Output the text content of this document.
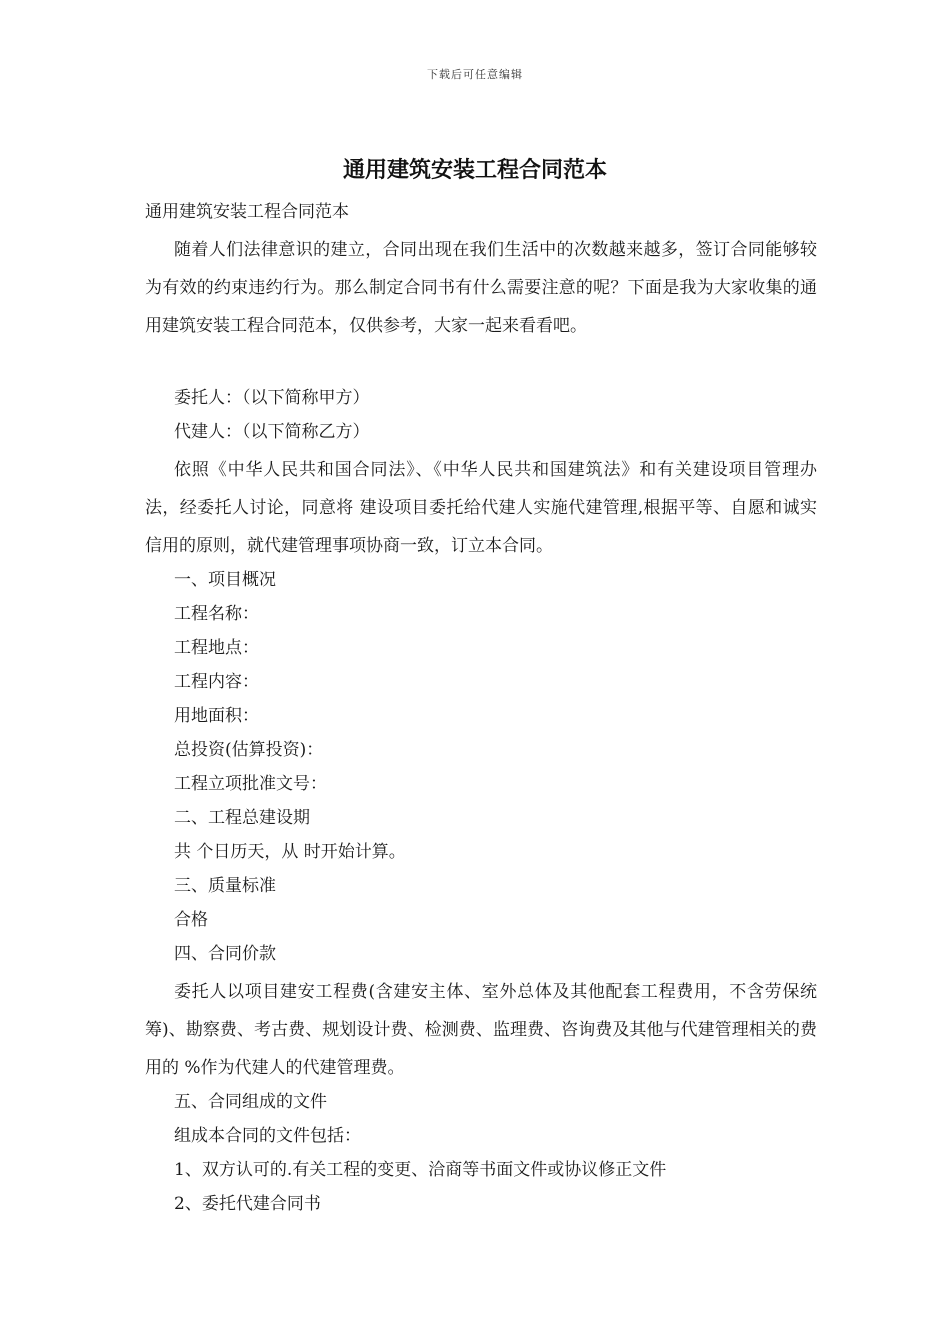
下载后可任意编辑
通用建筑安装工程合同范本
通用建筑安装工程合同范本
随着人们法律意识的建立，合同出现在我们生活中的次数越来越多，签订合同能够较为有效的约束违约行为。那么制定合同书有什么需要注意的呢？下面是我为大家收集的通用建筑安装工程合同范本，仅供参考，大家一起来看看吧。
委托人：（以下简称甲方）
代建人：（以下简称乙方）
依照《中华人民共和国合同法》、《中华人民共和国建筑法》和有关建设项目管理办法，经委托人讨论，同意将 建设项目委托给代建人实施代建管理,根据平等、自愿和诚实信用的原则，就代建管理事项协商一致，订立本合同。
一、项目概况
工程名称：
工程地点：
工程内容：
用地面积：
总投资(估算投资)：
工程立项批准文号：
二、工程总建设期
共 个日历天，从 时开始计算。
三、质量标准
合格
四、合同价款
委托人以项目建安工程费(含建安主体、室外总体及其他配套工程费用，不含劳保统筹)、勘察费、考古费、规划设计费、检测费、监理费、咨询费及其他与代建管理相关的费用的 %作为代建人的代建管理费。
五、合同组成的文件
组成本合同的文件包括：
1、双方认可的.有关工程的变更、洽商等书面文件或协议修正文件
2、委托代建合同书
